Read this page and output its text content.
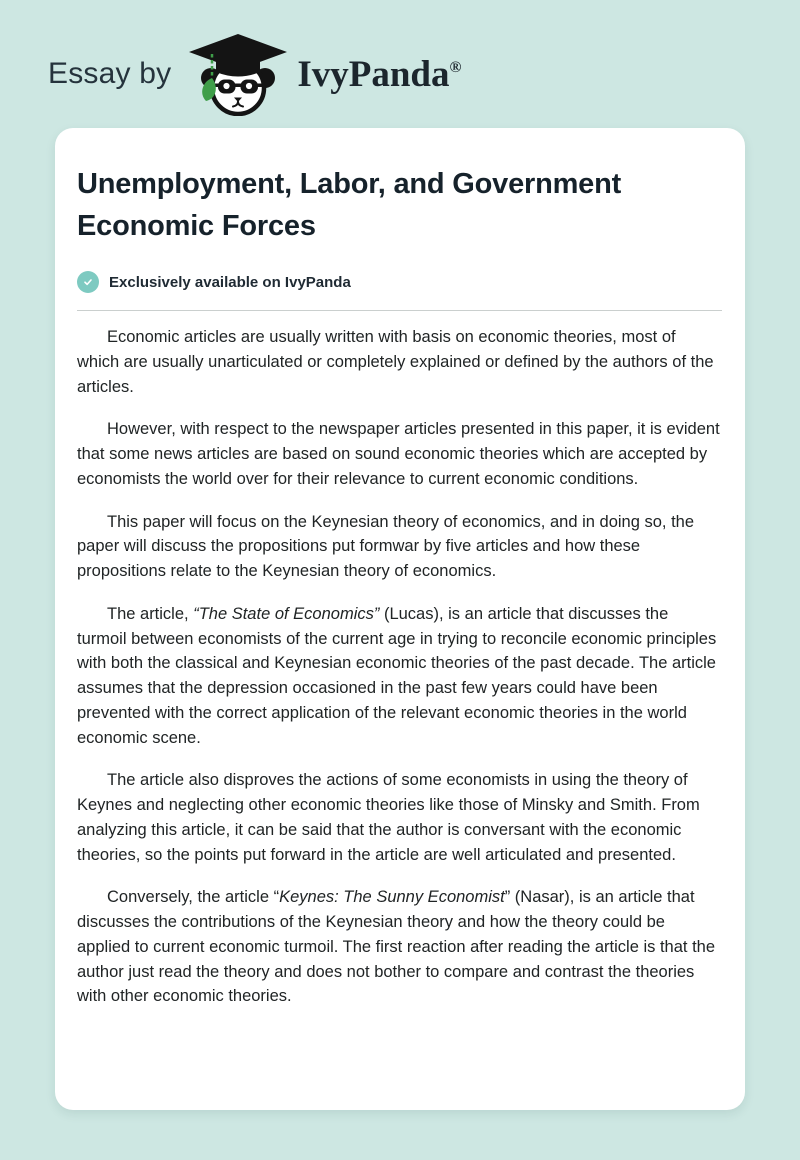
Essay by	IvyPanda®
Unemployment, Labor, and Government Economic Forces
Exclusively available on IvyPanda

Economic articles are usually written with basis on economic theories, most of which are usually unarticulated or completely explained or defined by the authors of the articles.

However, with respect to the newspaper articles presented in this paper, it is evident that some news articles are based on sound economic theories which are accepted by economists the world over for their relevance to current economic conditions.

This paper will focus on the Keynesian theory of economics, and in doing so, the paper will discuss the propositions put formwar by five articles and how these propositions relate to the Keynesian theory of economics.

The article, “The State of Economics” (Lucas), is an article that discusses the turmoil between economists of the current age in trying to reconcile economic principles with both the classical and Keynesian economic theories of the past decade. The article assumes that the depression occasioned in the past few years could have been prevented with the correct application of the relevant economic theories in the world economic scene.

The article also disproves the actions of some economists in using the theory of Keynes and neglecting other economic theories like those of Minsky and Smith. From analyzing this article, it can be said that the author is conversant with the economic theories, so the points put forward in the article are well articulated and presented.

Conversely, the article “Keynes: The Sunny Economist” (Nasar), is an article that discusses the contributions of the Keynesian theory and how the theory could be applied to current economic turmoil. The first reaction after reading the article is that the author just read the theory and does not bother to compare and contrast the theories with other economic theories.
